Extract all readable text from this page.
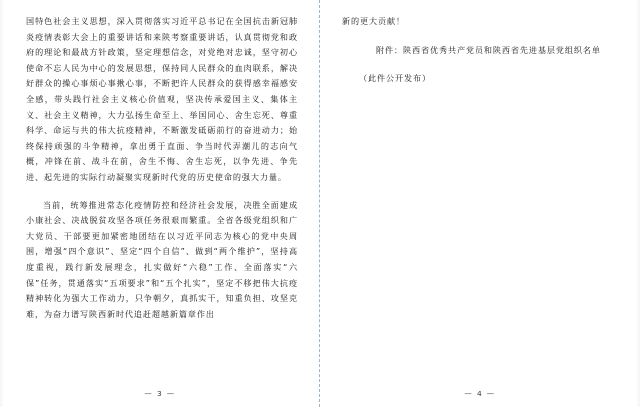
国特色社会主义思想，深入贯彻落实习近平总书记在全国抗击新冠肺炎疫情表彰大会上的重要讲话和来陕考察重要讲话，认真贯彻党和政府的理论和最战方针政策，坚定理想信念，对党绝对忠诚，坚守初心使命不忘人民为中心的发展思想，保持同人民群众的血肉联系，解决好群众的操心事烦心事揪心事，不断把许人民群众的获得感幸福感安全感，带头践行社会主义核心价值观，坚决传承爱国主义、集体主义、社会主义精神，大力弘扬生命至上、举国同心、舍生忘死、尊重科学、命运与共的伟大抗疫精神，不断激发砥砺前行的奋进动力；始终保持顽强的斗争精神，拿出勇于直面、争当时代弄潮儿的志向气概，冲锋在前、战斗在前，舍生不悔、舍生忘死，以争先进、争先进、起先进的实际行动凝聚实现新时代党的历史使命的强大力量。
当前，统筹推进常态化疫情防控和经济社会发展，决胜全面建成小康社会、决战脱贫攻坚各项任务很艰而繁重。全省各级党组织和广大党员、干部要更加紧密地团结在以习近平同志为核心的党中央周围，增强“四个意识”、坚定“四个自信”、做到“两个维护”，坚持高度重视，践行新发展理念，扎实做好“六稳”工作、全面落实“六保”任务，贯通落实“五项要求”和“五个扎实”，坚定不移把伟大抗疫精神转化为强大工作动力，只争朝夕，真抓实干，知重负担、攻坚克难，为奋力谱写陕西新时代追赶超越新篇章作出
— 3 —
新的更大贡献！
附件：陕西省优秀共产党员和陕西省先进基层党组织名单
（此件公开发布）
— 4 —
